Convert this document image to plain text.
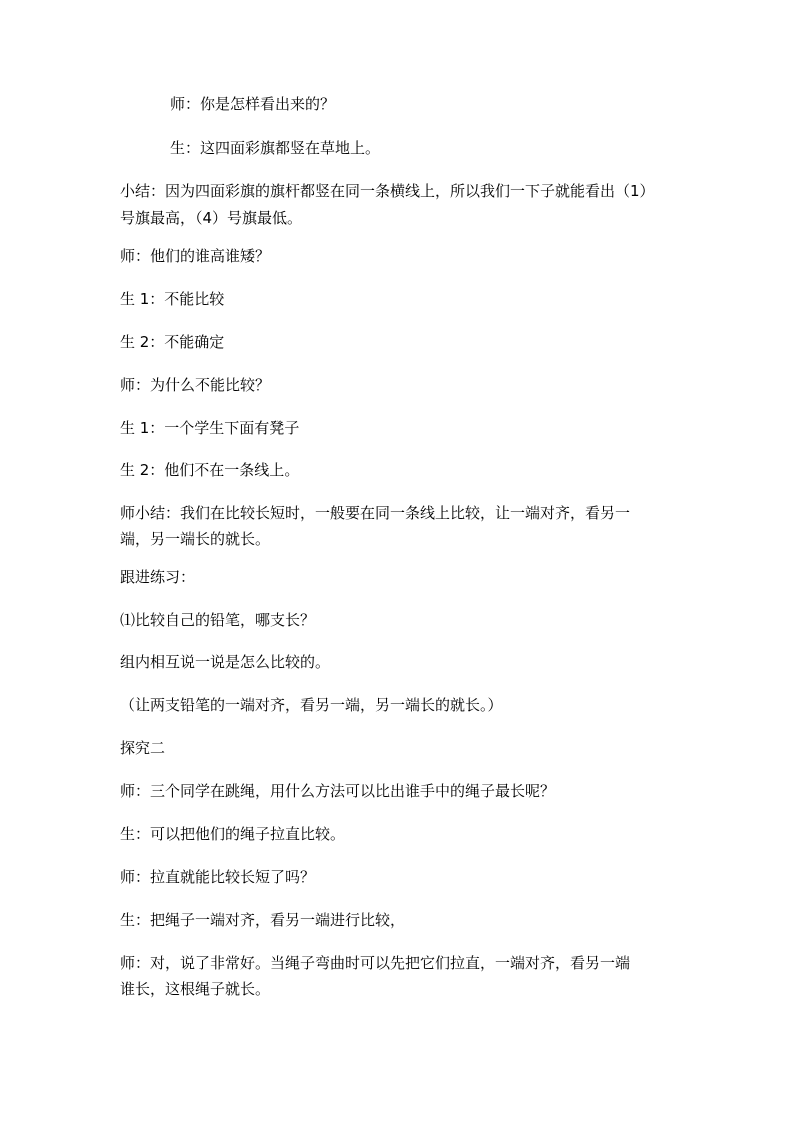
师：你是怎样看出来的？
生：这四面彩旗都竖在草地上。
小结：因为四面彩旗的旗杆都竖在同一条横线上，所以我们一下子就能看出（1）
号旗最高，（4）号旗最低。
师：他们的谁高谁矮？
生 1：不能比较
生 2：不能确定
师：为什么不能比较？
生 1：一个学生下面有凳子
生 2：他们不在一条线上。
师小结：我们在比较长短时，一般要在同一条线上比较，让一端对齐，看另一
端，另一端长的就长。
跟进练习：
⑴比较自己的铅笔，哪支长？
组内相互说一说是怎么比较的。
（让两支铅笔的一端对齐，看另一端，另一端长的就长。）
探究二
师：三个同学在跳绳，用什么方法可以比出谁手中的绳子最长呢？
生：可以把他们的绳子拉直比较。
师：拉直就能比较长短了吗？
生：把绳子一端对齐，看另一端进行比较，
师：对，说了非常好。当绳子弯曲时可以先把它们拉直，一端对齐，看另一端
谁长，这根绳子就长。
